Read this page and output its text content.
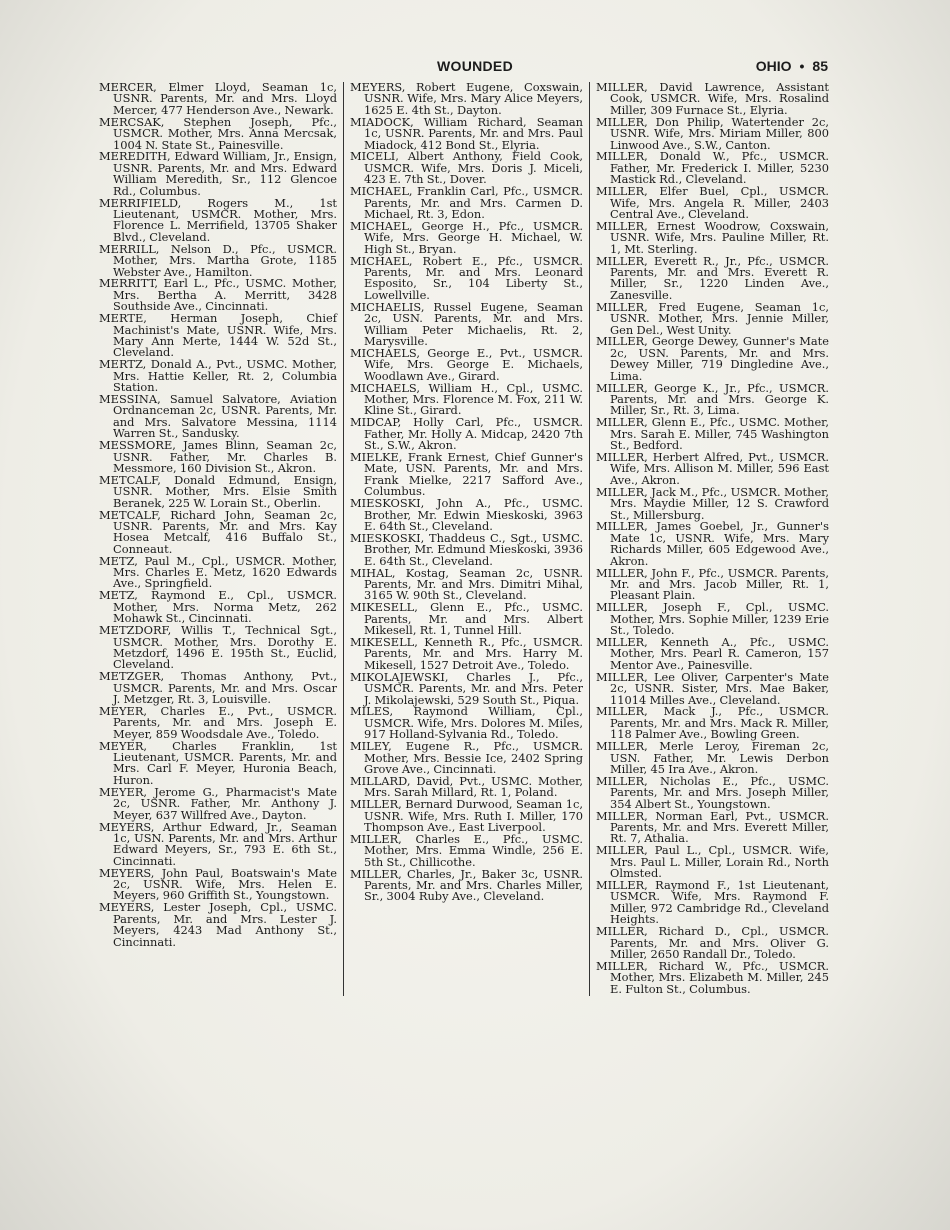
WOUNDED	OHIO • 85

MERCER, Elmer Lloyd, Seaman 1c, USNR. Parents, Mr. and Mrs. Lloyd Mercer, 477 Henderson Ave., Newark.

MERCSAK, Stephen Joseph, Pfc., USMCR. Mother, Mrs. Anna Mercsak, 1004 N. State St., Painesville.

MEREDITH, Edward William, Jr., Ensign, USNR. Parents, Mr. and Mrs. Edward William Meredith, Sr., 112 Glencoe Rd., Columbus.

MERRIFIELD, Rogers M., 1st Lieutenant, USMCR. Mother, Mrs. Florence L. Merrifield, 13705 Shaker Blvd., Cleveland.

MERRILL, Nelson D., Pfc., USMCR. Mother, Mrs. Martha Grote, 1185 Webster Ave., Hamilton.

MERRITT, Earl L., Pfc., USMC. Mother, Mrs. Bertha A. Merritt, 3428 Southside Ave., Cincinnati.

MERTE, Herman Joseph, Chief Machinist's Mate, USNR. Wife, Mrs. Mary Ann Merte, 1444 W. 52d St., Cleveland.

MERTZ, Donald A., Pvt., USMC. Mother, Mrs. Hattie Keller, Rt. 2, Columbia Station.

MESSINA, Samuel Salvatore, Aviation Ordnanceman 2c, USNR. Parents, Mr. and Mrs. Salvatore Messina, 1114 Warren St., Sandusky.

MESSMORE, James Blinn, Seaman 2c, USNR. Father, Mr. Charles B. Messmore, 160 Division St., Akron.

METCALF, Donald Edmund, Ensign, USNR. Mother, Mrs. Elsie Smith Beranek, 225 W. Lorain St., Oberlin.

METCALF, Richard John, Seaman 2c, USNR. Parents, Mr. and Mrs. Kay Hosea Metcalf, 416 Buffalo St., Conneaut.

METZ, Paul M., Cpl., USMCR. Mother, Mrs. Charles E. Metz, 1620 Edwards Ave., Springfield.

METZ, Raymond E., Cpl., USMCR. Mother, Mrs. Norma Metz, 262 Mohawk St., Cincinnati.

METZDORF, Willis T., Technical Sgt., USMCR. Mother, Mrs. Dorothy E. Metzdorf, 1496 E. 195th St., Euclid, Cleveland.

METZGER, Thomas Anthony, Pvt., USMCR. Parents, Mr. and Mrs. Oscar J. Metzger, Rt. 3, Louisville.

MEYER, Charles E., Pvt., USMCR. Parents, Mr. and Mrs. Joseph E. Meyer, 859 Woodsdale Ave., Toledo.

MEYER, Charles Franklin, 1st Lieutenant, USMCR. Parents, Mr. and Mrs. Carl F. Meyer, Huronia Beach, Huron.

MEYER, Jerome G., Pharmacist's Mate 2c, USNR. Father, Mr. Anthony J. Meyer, 637 Willfred Ave., Dayton.

MEYERS, Arthur Edward, Jr., Seaman 1c, USN. Parents, Mr. and Mrs. Arthur Edward Meyers, Sr., 793 E. 6th St., Cincinnati.

MEYERS, John Paul, Boatswain's Mate 2c, USNR. Wife, Mrs. Helen E. Meyers, 960 Griffith St., Youngstown.

MEYERS, Lester Joseph, Cpl., USMC. Parents, Mr. and Mrs. Lester J. Meyers, 4243 Mad Anthony St., Cincinnati.

MEYERS, Robert Eugene, Coxswain, USNR. Wife, Mrs. Mary Alice Meyers, 1625 E. 4th St., Dayton.

MIADOCK, William Richard, Seaman 1c, USNR. Parents, Mr. and Mrs. Paul Miadock, 412 Bond St., Elyria.

MICELI, Albert Anthony, Field Cook, USMCR. Wife, Mrs. Doris J. Miceli, 423 E. 7th St., Dover.

MICHAEL, Franklin Carl, Pfc., USMCR. Parents, Mr. and Mrs. Carmen D. Michael, Rt. 3, Edon.

MICHAEL, George H., Pfc., USMCR. Wife, Mrs. George H. Michael, W. High St., Bryan.

MICHAEL, Robert E., Pfc., USMCR. Parents, Mr. and Mrs. Leonard Esposito, Sr., 104 Liberty St., Lowellville.

MICHAELIS, Russel Eugene, Seaman 2c, USN. Parents, Mr. and Mrs. William Peter Michaelis, Rt. 2, Marysville.

MICHAELS, George E., Pvt., USMCR. Wife, Mrs. George E. Michaels, Woodlawn Ave., Girard.

MICHAELS, William H., Cpl., USMC. Mother, Mrs. Florence M. Fox, 211 W. Kline St., Girard.

MIDCAP, Holly Carl, Pfc., USMCR. Father, Mr. Holly A. Midcap, 2420 7th St., S.W., Akron.

MIELKE, Frank Ernest, Chief Gunner's Mate, USN. Parents, Mr. and Mrs. Frank Mielke, 2217 Safford Ave., Columbus.

MIESKOSKI, John A., Pfc., USMC. Brother, Mr. Edwin Mieskoski, 3963 E. 64th St., Cleveland.

MIESKOSKI, Thaddeus C., Sgt., USMC. Brother, Mr. Edmund Mieskoski, 3936 E. 64th St., Cleveland.

MIHAL, Kostag, Seaman 2c, USNR. Parents, Mr. and Mrs. Dimitri Mihal, 3165 W. 90th St., Cleveland.

MIKESELL, Glenn E., Pfc., USMC. Parents, Mr. and Mrs. Albert Mikesell, Rt. 1, Tunnel Hill.

MIKESELL, Kenneth R., Pfc., USMCR. Parents, Mr. and Mrs. Harry M. Mikesell, 1527 Detroit Ave., Toledo.

MIKOLAJEWSKI, Charles J., Pfc., USMCR. Parents, Mr. and Mrs. Peter J. Mikolajewski, 529 South St., Piqua.

MILES, Raymond William, Cpl., USMCR. Wife, Mrs. Dolores M. Miles, 917 Holland-Sylvania Rd., Toledo.

MILEY, Eugene R., Pfc., USMCR. Mother, Mrs. Bessie Ice, 2402 Spring Grove Ave., Cincinnati.

MILLARD, David, Pvt., USMC. Mother, Mrs. Sarah Millard, Rt. 1, Poland.

MILLER, Bernard Durwood, Seaman 1c, USNR. Wife, Mrs. Ruth I. Miller, 170 Thompson Ave., East Liverpool.

MILLER, Charles E., Pfc., USMC. Mother, Mrs. Emma Windle, 256 E. 5th St., Chillicothe.

MILLER, Charles, Jr., Baker 3c, USNR. Parents, Mr. and Mrs. Charles Miller, Sr., 3004 Ruby Ave., Cleveland.

MILLER, David Lawrence, Assistant Cook, USMCR. Wife, Mrs. Rosalind Miller, 309 Furnace St., Elyria.

MILLER, Don Philip, Watertender 2c, USNR. Wife, Mrs. Miriam Miller, 800 Linwood Ave., S.W., Canton.

MILLER, Donald W., Pfc., USMCR. Father, Mr. Frederick I. Miller, 5230 Mastick Rd., Cleveland.

MILLER, Elfer Buel, Cpl., USMCR. Wife, Mrs. Angela R. Miller, 2403 Central Ave., Cleveland.

MILLER, Ernest Woodrow, Coxswain, USNR. Wife, Mrs. Pauline Miller, Rt. 1, Mt. Sterling.

MILLER, Everett R., Jr., Pfc., USMCR. Parents, Mr. and Mrs. Everett R. Miller, Sr., 1220 Linden Ave., Zanesville.

MILLER, Fred Eugene, Seaman 1c, USNR. Mother, Mrs. Jennie Miller, Gen Del., West Unity.

MILLER, George Dewey, Gunner's Mate 2c, USN. Parents, Mr. and Mrs. Dewey Miller, 719 Dingledine Ave., Lima.

MILLER, George K., Jr., Pfc., USMCR. Parents, Mr. and Mrs. George K. Miller, Sr., Rt. 3, Lima.

MILLER, Glenn E., Pfc., USMC. Mother, Mrs. Sarah E. Miller, 745 Washington St., Bedford.

MILLER, Herbert Alfred, Pvt., USMCR. Wife, Mrs. Allison M. Miller, 596 East Ave., Akron.

MILLER, Jack M., Pfc., USMCR. Mother, Mrs. Maydie Miller, 12 S. Crawford St., Millersburg.

MILLER, James Goebel, Jr., Gunner's Mate 1c, USNR. Wife, Mrs. Mary Richards Miller, 605 Edgewood Ave., Akron.

MILLER, John F., Pfc., USMCR. Parents, Mr. and Mrs. Jacob Miller, Rt. 1, Pleasant Plain.

MILLER, Joseph F., Cpl., USMC. Mother, Mrs. Sophie Miller, 1239 Erie St., Toledo.

MILLER, Kenneth A., Pfc., USMC. Mother, Mrs. Pearl R. Cameron, 157 Mentor Ave., Painesville.

MILLER, Lee Oliver, Carpenter's Mate 2c, USNR. Sister, Mrs. Mae Baker, 11014 Milles Ave., Cleveland.

MILLER, Mack J., Pfc., USMCR. Parents, Mr. and Mrs. Mack R. Miller, 118 Palmer Ave., Bowling Green.

MILLER, Merle Leroy, Fireman 2c, USN. Father, Mr. Lewis Derbon Miller, 45 Ira Ave., Akron.

MILLER, Nicholas E., Pfc., USMC. Parents, Mr. and Mrs. Joseph Miller, 354 Albert St., Youngstown.

MILLER, Norman Earl, Pvt., USMCR. Parents, Mr. and Mrs. Everett Miller, Rt. 7, Athalia.

MILLER, Paul L., Cpl., USMCR. Wife, Mrs. Paul L. Miller, Lorain Rd., North Olmsted.

MILLER, Raymond F., 1st Lieutenant, USMCR. Wife, Mrs. Raymond F. Miller, 972 Cambridge Rd., Cleveland Heights.

MILLER, Richard D., Cpl., USMCR. Parents, Mr. and Mrs. Oliver G. Miller, 2650 Randall Dr., Toledo.

MILLER, Richard W., Pfc., USMCR. Mother, Mrs. Elizabeth M. Miller, 245 E. Fulton St., Columbus.
